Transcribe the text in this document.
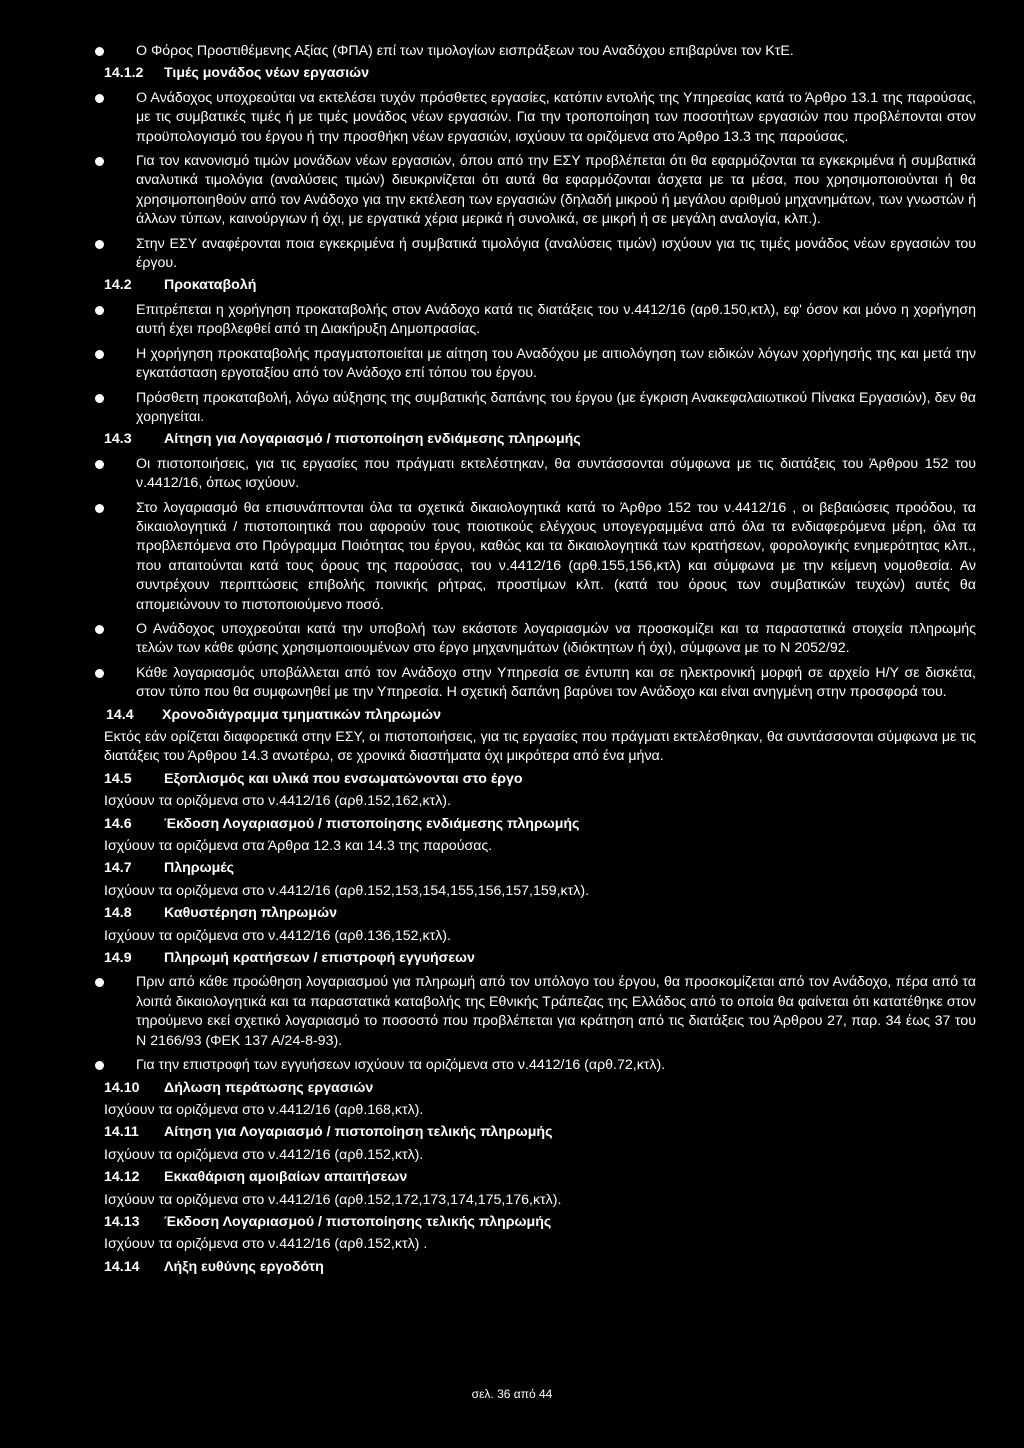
Ο Φόρος Προστιθέμενης Αξίας (ΦΠΑ) επί των τιμολογίων εισπράξεων του Αναδόχου επιβαρύνει τον ΚτΕ.
14.1.2 Τιμές μονάδος νέων εργασιών
Ο Ανάδοχος υποχρεούται να εκτελέσει τυχόν πρόσθετες εργασίες, κατόπιν εντολής της Υπηρεσίας κατά το Άρθρο 13.1 της παρούσας, με τις συμβατικές τιμές ή με τιμές μονάδος νέων εργασιών. Για την τροποποίηση των ποσοτήτων εργασιών που προβλέπονται στον προϋπολογισμό του έργου ή την προσθήκη νέων εργασιών, ισχύουν τα οριζόμενα στο Άρθρο 13.3 της παρούσας.
Για τον κανονισμό τιμών μονάδων νέων εργασιών, όπου από την ΕΣΥ προβλέπεται ότι θα εφαρμόζονται τα εγκεκριμένα ή συμβατικά αναλυτικά τιμολόγια (αναλύσεις τιμών) διευκρινίζεται ότι αυτά θα εφαρμόζονται άσχετα με τα μέσα, που χρησιμοποιούνται ή θα χρησιμοποιηθούν από τον Ανάδοχο για την εκτέλεση των εργασιών (δηλαδή μικρού ή μεγάλου αριθμού μηχανημάτων, των γνωστών ή άλλων τύπων, καινούργιων ή όχι, με εργατικά χέρια μερικά ή συνολικά, σε μικρή ή σε μεγάλη αναλογία, κλπ.).
Στην ΕΣΥ αναφέρονται ποια εγκεκριμένα ή συμβατικά τιμολόγια (αναλύσεις τιμών) ισχύουν για τις τιμές μονάδος νέων εργασιών του έργου.
14.2 Προκαταβολή
Επιτρέπεται η χορήγηση προκαταβολής στον Ανάδοχο κατά τις διατάξεις του ν.4412/16 (αρθ.150,κτλ), εφ' όσον και μόνο η χορήγηση αυτή έχει προβλεφθεί από τη Διακήρυξη Δημοπρασίας.
Η χορήγηση προκαταβολής πραγματοποιείται με αίτηση του Αναδόχου με αιτιολόγηση των ειδικών λόγων χορήγησής της και μετά την εγκατάσταση εργοταξίου από τον Ανάδοχο επί τόπου του έργου.
Πρόσθετη προκαταβολή, λόγω αύξησης της συμβατικής δαπάνης του έργου (με έγκριση Ανακεφαλαιωτικού Πίνακα Εργασιών), δεν θα χορηγείται.
14.3 Αίτηση για Λογαριασμό / πιστοποίηση ενδιάμεσης πληρωμής
Οι πιστοποιήσεις, για τις εργασίες που πράγματι εκτελέστηκαν, θα συντάσσονται σύμφωνα με τις διατάξεις του Άρθρου 152 του ν.4412/16, όπως ισχύουν.
Στο λογαριασμό θα επισυνάπτονται όλα τα σχετικά δικαιολογητικά κατά το Άρθρο 152 του ν.4412/16 , οι βεβαιώσεις προόδου, τα δικαιολογητικά / πιστοποιητικά που αφορούν τους ποιοτικούς ελέγχους υπογεγραμμένα από όλα τα ενδιαφερόμενα μέρη, όλα τα προβλεπόμενα στο Πρόγραμμα Ποιότητας του έργου, καθώς και τα δικαιολογητικά των κρατήσεων, φορολογικής ενημερότητας κλπ., που απαιτούνται κατά τους όρους της παρούσας, του ν.4412/16 (αρθ.155,156,κτλ) και σύμφωνα με την κείμενη νομοθεσία. Αν συντρέχουν περιπτώσεις επιβολής ποινικής ρήτρας, προστίμων κλπ. (κατά του όρους των συμβατικών τευχών) αυτές θα απομειώνουν το πιστοποιούμενο ποσό.
Ο Ανάδοχος υποχρεούται κατά την υποβολή των εκάστοτε λογαριασμών να προσκομίζει και τα παραστατικά στοιχεία πληρωμής τελών των κάθε φύσης χρησιμοποιουμένων στο έργο μηχανημάτων (ιδιόκτητων ή όχι), σύμφωνα με το Ν 2052/92.
Κάθε λογαριασμός υποβάλλεται από τον Ανάδοχο στην Υπηρεσία σε έντυπη και σε ηλεκτρονική μορφή σε αρχείο Η/Υ σε δισκέτα, στον τύπο που θα συμφωνηθεί με την Υπηρεσία. Η σχετική δαπάνη βαρύνει τον Ανάδοχο και είναι ανηγμένη στην προσφορά του.
14.4 Χρονοδιάγραμμα τμηματικών πληρωμών
Εκτός εάν ορίζεται διαφορετικά στην ΕΣΥ, οι πιστοποιήσεις, για τις εργασίες που πράγματι εκτελέσθηκαν, θα συντάσσονται σύμφωνα με τις διατάξεις του Άρθρου 14.3 ανωτέρω, σε χρονικά διαστήματα όχι μικρότερα από ένα μήνα.
14.5 Εξοπλισμός και υλικά που ενσωματώνονται στο έργο
Ισχύουν τα οριζόμενα στο ν.4412/16 (αρθ.152,162,κτλ).
14.6 Έκδοση Λογαριασμού / πιστοποίησης ενδιάμεσης πληρωμής
Ισχύουν τα οριζόμενα στα Άρθρα 12.3 και 14.3 της παρούσας.
14.7 Πληρωμές
Ισχύουν τα οριζόμενα στο ν.4412/16 (αρθ.152,153,154,155,156,157,159,κτλ).
14.8 Καθυστέρηση πληρωμών
Ισχύουν τα οριζόμενα στο ν.4412/16 (αρθ.136,152,κτλ).
14.9 Πληρωμή κρατήσεων / επιστροφή εγγυήσεων
Πριν από κάθε προώθηση λογαριασμού για πληρωμή από τον υπόλογο του έργου, θα προσκομίζεται από τον Ανάδοχο, πέρα από τα λοιπά δικαιολογητικά και τα παραστατικά καταβολής της Εθνικής Τράπεζας της Ελλάδος από το οποία θα φαίνεται ότι κατατέθηκε στον τηρούμενο εκεί σχετικό λογαριασμό το ποσοστό που προβλέπεται για κράτηση από τις διατάξεις του Άρθρου 27, παρ. 34 έως 37 του Ν 2166/93 (ΦΕΚ 137 Α/24-8-93).
Για την επιστροφή των εγγυήσεων ισχύουν τα οριζόμενα στο ν.4412/16 (αρθ.72,κτλ).
14.10 Δήλωση περάτωσης εργασιών
Ισχύουν τα οριζόμενα στο ν.4412/16 (αρθ.168,κτλ).
14.11 Αίτηση για Λογαριασμό / πιστοποίηση τελικής πληρωμής
Ισχύουν τα οριζόμενα στο ν.4412/16 (αρθ.152,κτλ).
14.12 Εκκαθάριση αμοιβαίων απαιτήσεων
Ισχύουν τα οριζόμενα στο ν.4412/16 (αρθ.152,172,173,174,175,176,κτλ).
14.13 Έκδοση Λογαριασμού / πιστοποίησης τελικής πληρωμής
Ισχύουν τα οριζόμενα στο ν.4412/16 (αρθ.152,κτλ) .
14.14 Λήξη ευθύνης εργοδότη
σελ. 36 από 44
